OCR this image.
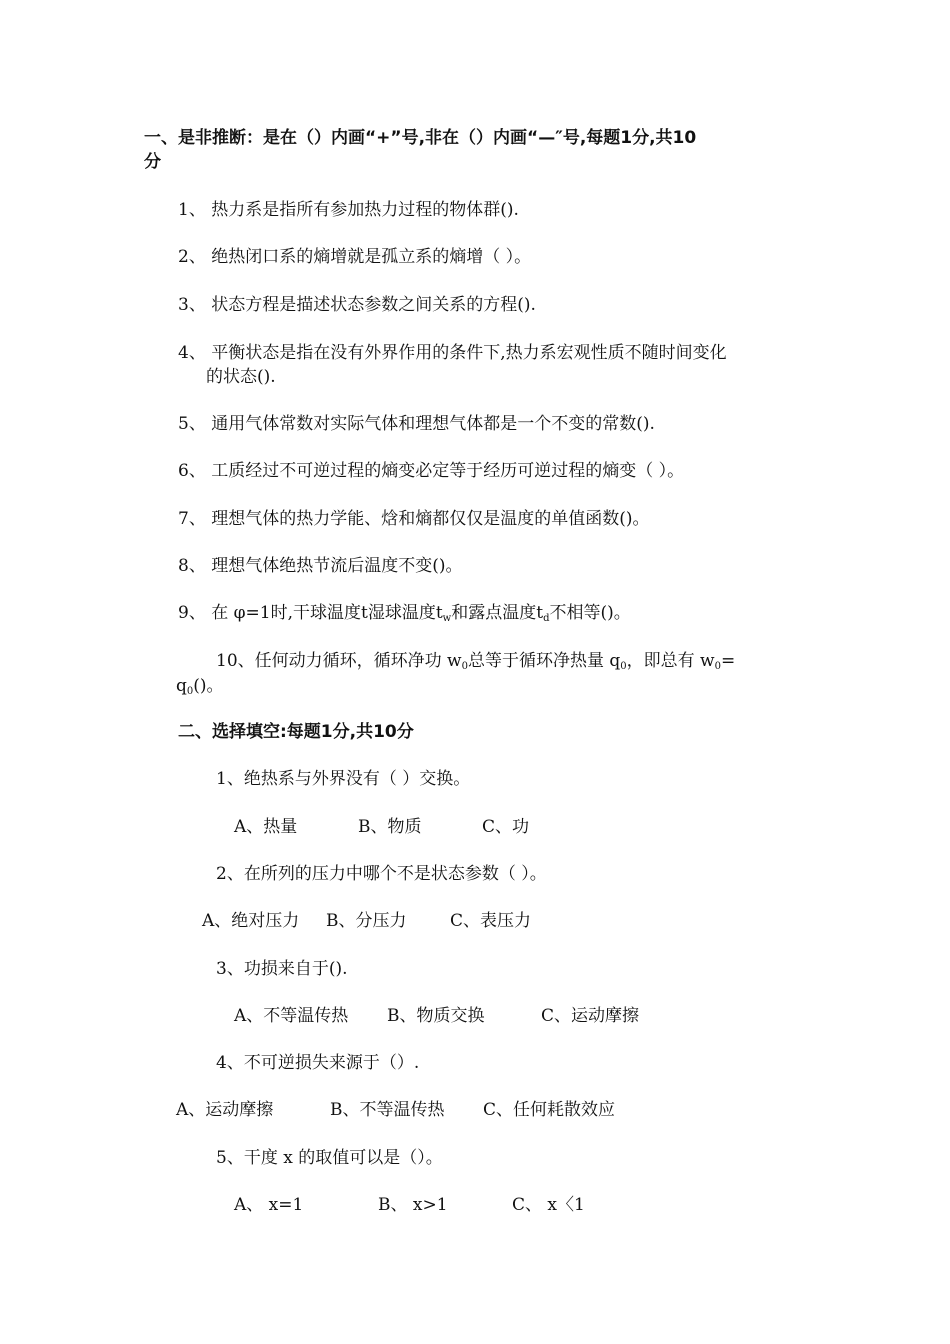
一、是非推断：是在（）内画“+”号,非在（）内画“—″号,每题1分,共10
分
1、 热力系是指所有参加热力过程的物体群().
2、 绝热闭口系的熵增就是孤立系的熵增（ ）。
3、 状态方程是描述状态参数之间关系的方程().
4、 平衡状态是指在没有外界作用的条件下,热力系宏观性质不随时间变化
的状态().
5、 通用气体常数对实际气体和理想气体都是一个不变的常数().
6、 工质经过不可逆过程的熵变必定等于经历可逆过程的熵变（ ）。
7、 理想气体的热力学能、焓和熵都仅仅是温度的单值函数()。
8、 理想气体绝热节流后温度不变()。
9、 在 φ=1时,干球温度t湿球温度$t_w$和露点温度$t_d$不相等()。
10、任何动力循环，循环净功 $w_0$总等于循环净热量 $q_0$，即总有 $w_0=$
$q_0()$。
二、选择填空:每题1分,共10分
1、绝热系与外界没有（ ）交换。
A、热量	B、物质	C、功
2、在所列的压力中哪个不是状态参数（ ）。
A、绝对压力 B、分压力	C、表压力
3、功损来自于().
A、不等温传热 B、物质交换	C、运动摩擦
4、不可逆损失来源于（）.
A、运动摩擦	B、不等温传热 C、任何耗散效应
5、干度 x 的取值可以是（）。
A、 x=1	B、 x>1	C、 x〈1
